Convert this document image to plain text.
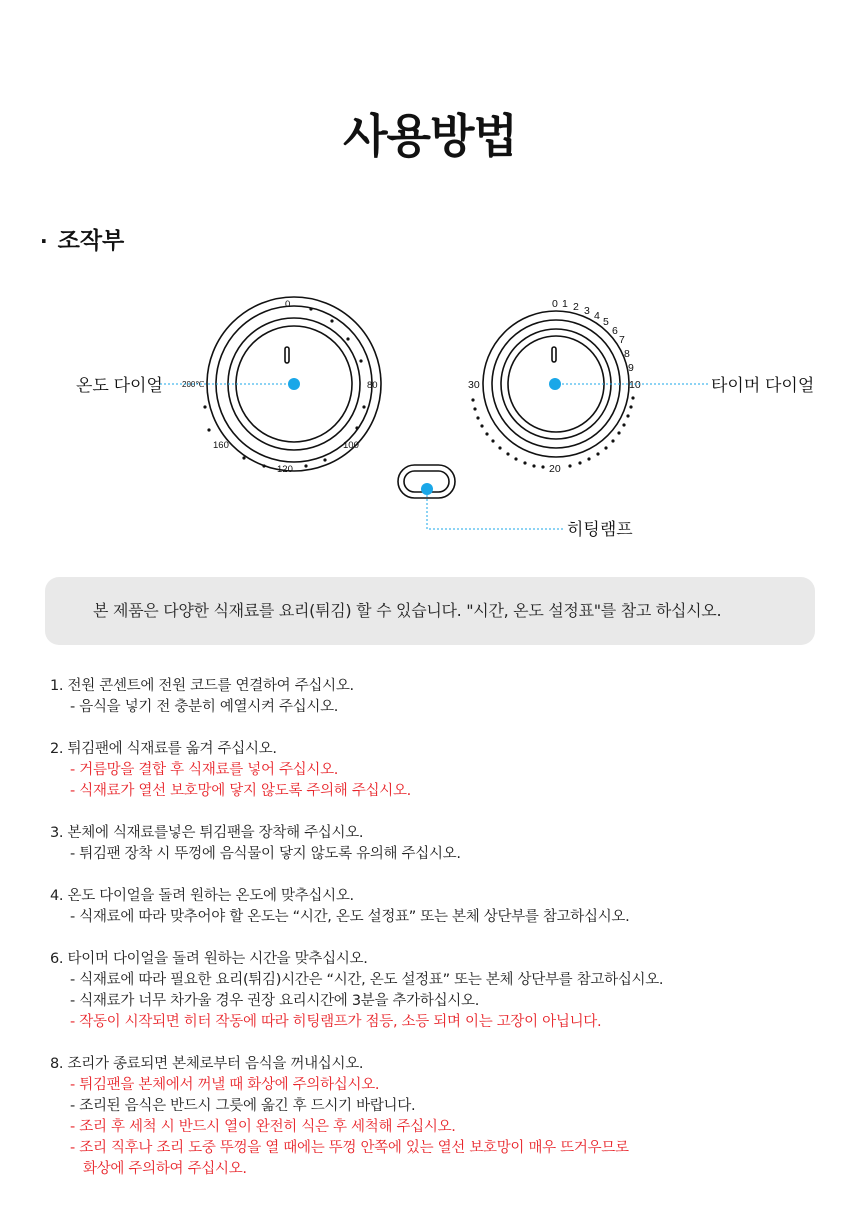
사용방법
· 조작부
0
80
100
120
160
200℃
온도 다이얼
0 1 2 3 4 5
6
7
8
9
10
20
30	타이머 다이얼
히팅램프
본 제품은 다양한 식재료를 요리(튀김) 할 수 있습니다. "시간, 온도 설정표"를 참고 하십시오.
1. 전원 콘센트에 전원 코드를 연결하여 주십시오.
- 음식을 넣기 전 충분히 예열시켜 주십시오.
2. 튀김팬에 식재료를 옮겨 주십시오.
- 거름망을 결합 후 식재료를 넣어 주십시오.
- 식재료가 열선 보호망에 닿지 않도록 주의해 주십시오.
3. 본체에 식재료를넣은 튀김팬을 장착해 주십시오.
- 튀김팬 장착 시 뚜껑에 음식물이 닿지 않도록 유의해 주십시오.
4. 온도 다이얼을 돌려 원하는 온도에 맞추십시오.
- 식재료에 따라 맞추어야 할 온도는 “시간, 온도 설정표” 또는 본체 상단부를 참고하십시오.
6. 타이머 다이얼을 돌려 원하는 시간을 맞추십시오.
- 식재료에 따라 필요한 요리(튀김)시간은 “시간, 온도 설정표” 또는 본체 상단부를 참고하십시오.
- 식재료가 너무 차가울 경우 권장 요리시간에 3분을 추가하십시오.
- 작동이 시작되면 히터 작동에 따라 히팅램프가 점등, 소등 되며 이는 고장이 아닙니다.
8. 조리가 종료되면 본체로부터 음식을 꺼내십시오.
- 튀김팬을 본체에서 꺼낼 때 화상에 주의하십시오.
- 조리된 음식은 반드시 그릇에 옮긴 후 드시기 바랍니다.
- 조리 후 세척 시 반드시 열이 완전히 식은 후 세척해 주십시오.
- 조리 직후나 조리 도중 뚜껑을 열 때에는 뚜껑 안쪽에 있는 열선 보호망이 매우 뜨거우므로
화상에 주의하여 주십시오.
